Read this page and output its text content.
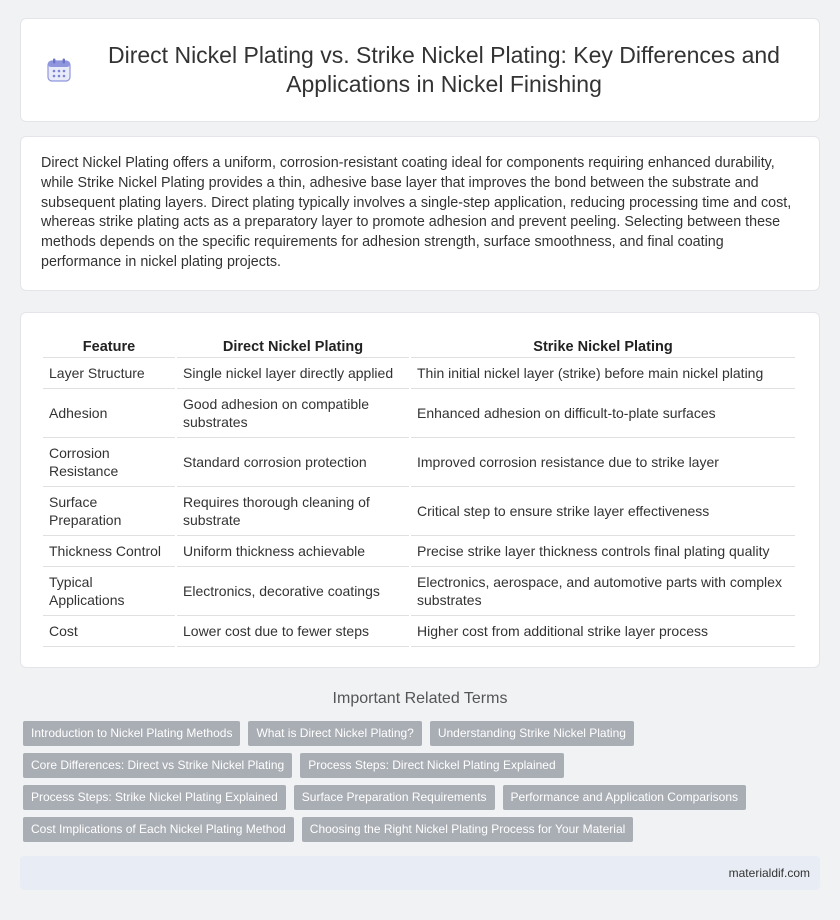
Direct Nickel Plating vs. Strike Nickel Plating: Key Differences and Applications in Nickel Finishing

Direct Nickel Plating offers a uniform, corrosion-resistant coating ideal for components requiring enhanced durability, while Strike Nickel Plating provides a thin, adhesive base layer that improves the bond between the substrate and subsequent plating layers. Direct plating typically involves a single-step application, reducing processing time and cost, whereas strike plating acts as a preparatory layer to promote adhesion and prevent peeling. Selecting between these methods depends on the specific requirements for adhesion strength, surface smoothness, and final coating performance in nickel plating projects.

Feature	Direct Nickel Plating	Strike Nickel Plating
Layer Structure	Single nickel layer directly applied	Thin initial nickel layer (strike) before main nickel plating
Adhesion	Good adhesion on compatible substrates	Enhanced adhesion on difficult-to-plate surfaces
Corrosion Resistance	Standard corrosion protection	Improved corrosion resistance due to strike layer
Surface Preparation	Requires thorough cleaning of substrate	Critical step to ensure strike layer effectiveness
Thickness Control	Uniform thickness achievable	Precise strike layer thickness controls final plating quality
Typical Applications	Electronics, decorative coatings	Electronics, aerospace, and automotive parts with complex substrates
Cost	Lower cost due to fewer steps	Higher cost from additional strike layer process
Important Related Terms
Introduction to Nickel Plating Methods	What is Direct Nickel Plating?	Understanding Strike Nickel Plating
Core Differences: Direct vs Strike Nickel Plating	Process Steps: Direct Nickel Plating Explained
Process Steps: Strike Nickel Plating Explained	Surface Preparation Requirements	Performance and Application Comparisons
Cost Implications of Each Nickel Plating Method	Choosing the Right Nickel Plating Process for Your Material
materialdif.com
